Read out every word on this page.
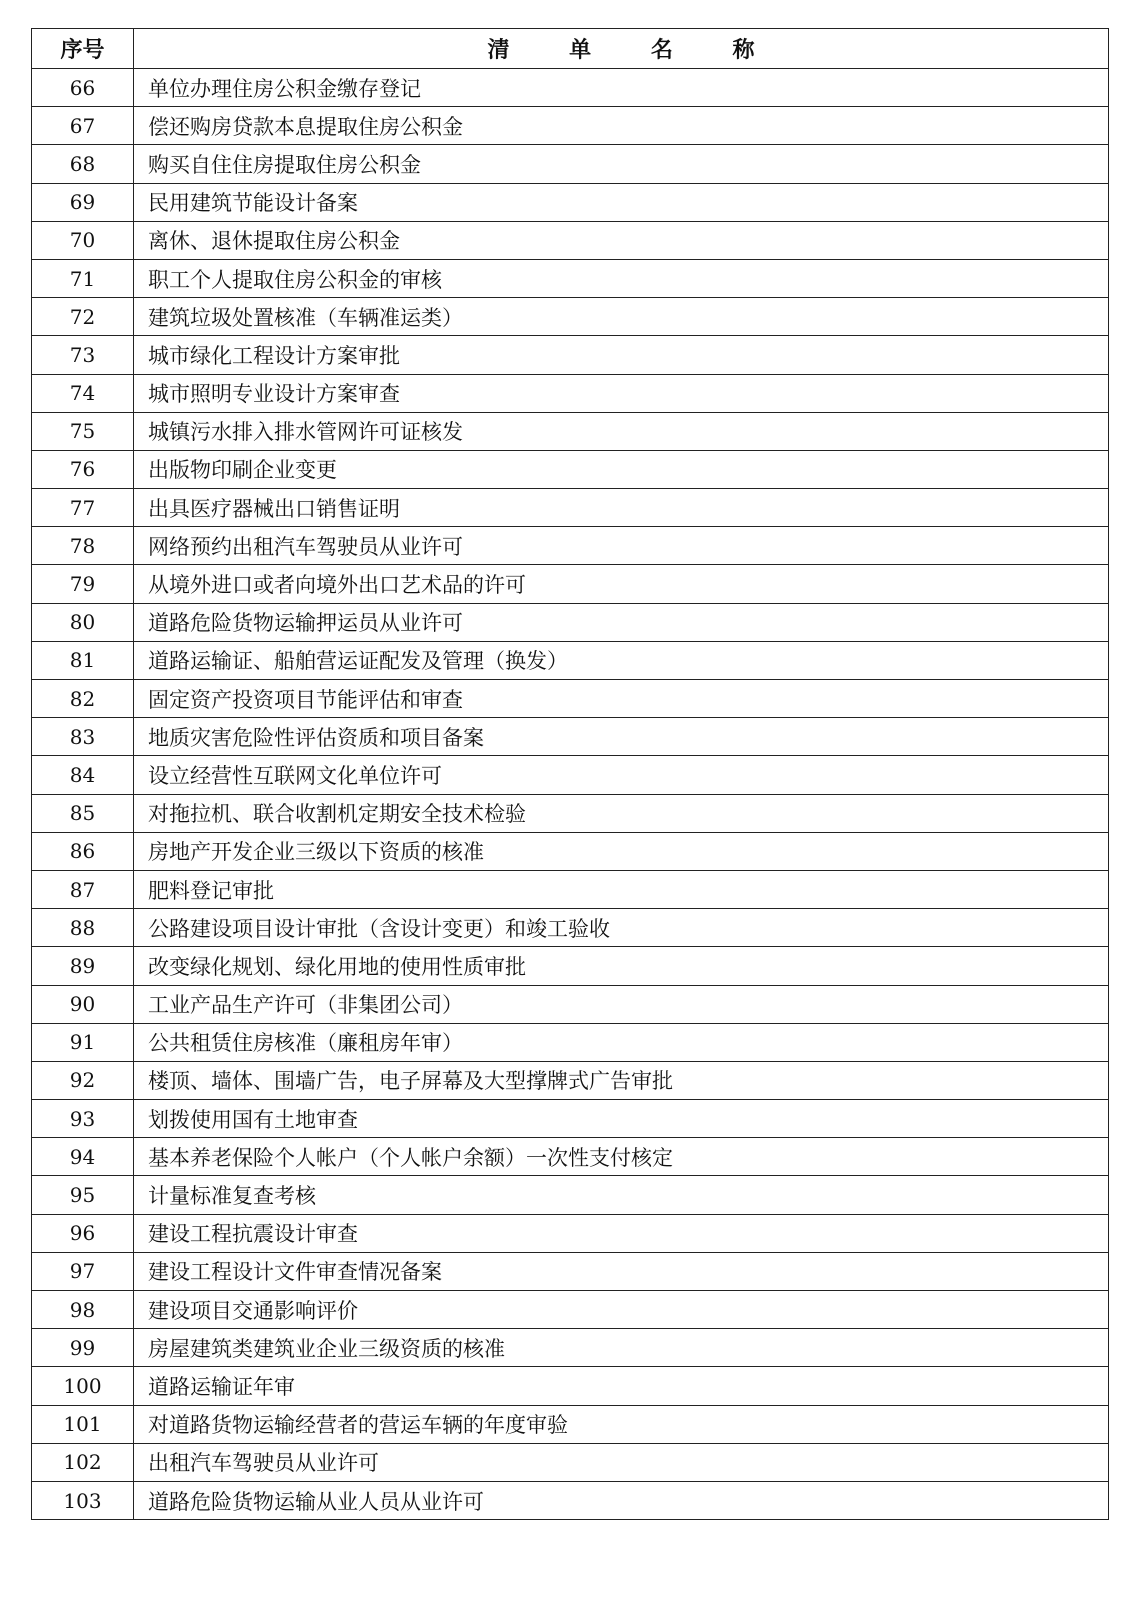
序号	清 单 名 称
66	单位办理住房公积金缴存登记
67	偿还购房贷款本息提取住房公积金
68	购买自住住房提取住房公积金
69	民用建筑节能设计备案
70	离休、退休提取住房公积金
71	职工个人提取住房公积金的审核
72	建筑垃圾处置核准（车辆准运类）
73	城市绿化工程设计方案审批
74	城市照明专业设计方案审查
75	城镇污水排入排水管网许可证核发
76	出版物印刷企业变更
77	出具医疗器械出口销售证明
78	网络预约出租汽车驾驶员从业许可
79	从境外进口或者向境外出口艺术品的许可
80	道路危险货物运输押运员从业许可
81	道路运输证、船舶营运证配发及管理（换发）
82	固定资产投资项目节能评估和审查
83	地质灾害危险性评估资质和项目备案
84	设立经营性互联网文化单位许可
85	对拖拉机、联合收割机定期安全技术检验
86	房地产开发企业三级以下资质的核准
87	肥料登记审批
88	公路建设项目设计审批（含设计变更）和竣工验收
89	改变绿化规划、绿化用地的使用性质审批
90	工业产品生产许可（非集团公司）
91	公共租赁住房核准（廉租房年审）
92	楼顶、墙体、围墙广告，电子屏幕及大型撑牌式广告审批
93	划拨使用国有土地审查
94	基本养老保险个人帐户（个人帐户余额）一次性支付核定
95	计量标准复查考核
96	建设工程抗震设计审查
97	建设工程设计文件审查情况备案
98	建设项目交通影响评价
99	房屋建筑类建筑业企业三级资质的核准
100	道路运输证年审
101	对道路货物运输经营者的营运车辆的年度审验
102	出租汽车驾驶员从业许可
103	道路危险货物运输从业人员从业许可
